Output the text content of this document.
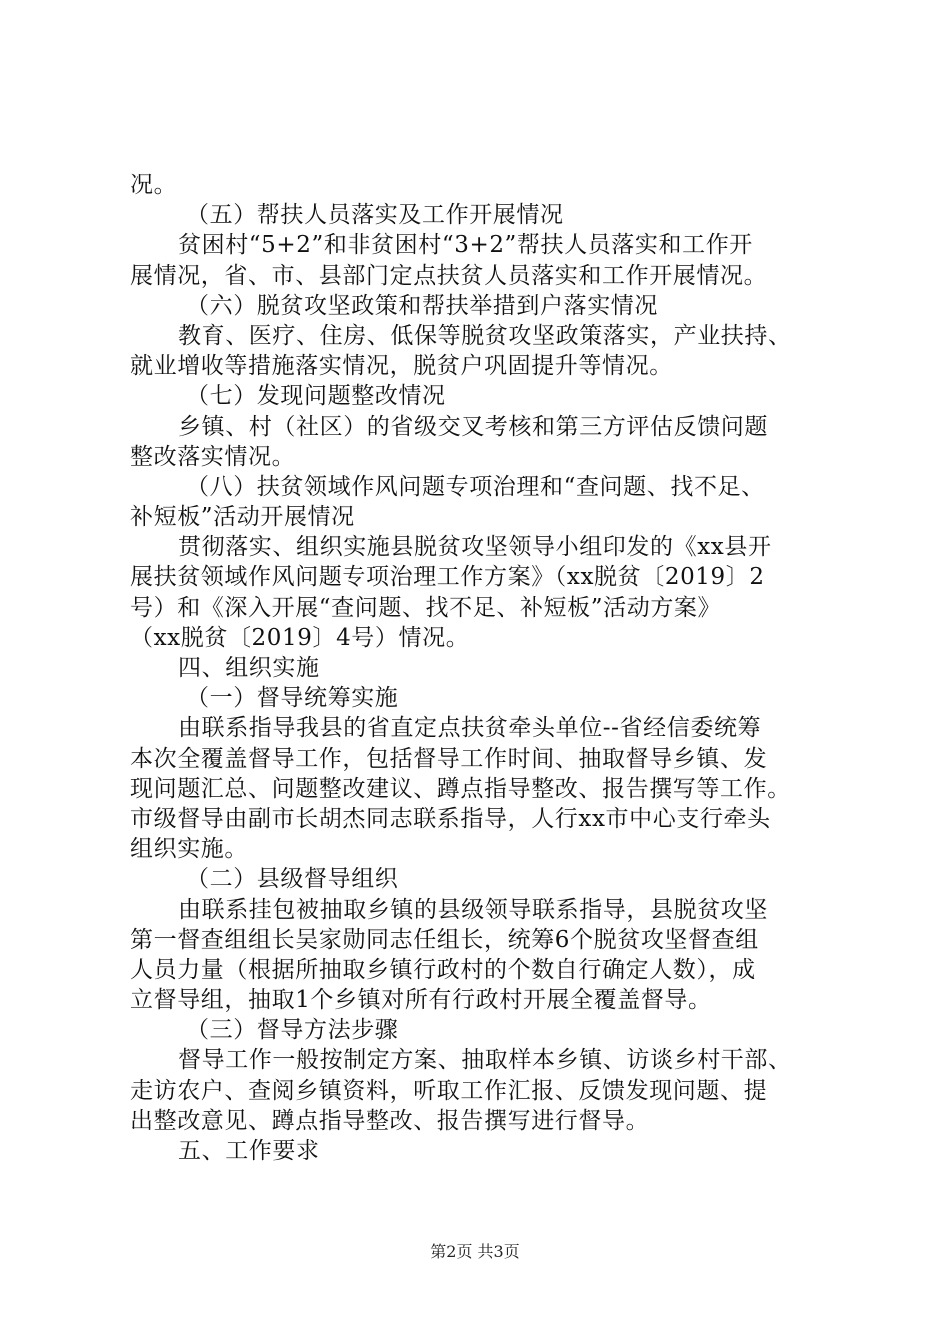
况。
（五）帮扶人员落实及工作开展情况
贫困村“5+2”和非贫困村“3+2”帮扶人员落实和工作开
展情况，省、市、县部门定点扶贫人员落实和工作开展情况。
（六）脱贫攻坚政策和帮扶举措到户落实情况
教育、医疗、住房、低保等脱贫攻坚政策落实，产业扶持、
就业增收等措施落实情况，脱贫户巩固提升等情况。
（七）发现问题整改情况
乡镇、村（社区）的省级交叉考核和第三方评估反馈问题
整改落实情况。
（八）扶贫领域作风问题专项治理和“查问题、找不足、
补短板”活动开展情况
贯彻落实、组织实施县脱贫攻坚领导小组印发的《xx县开
展扶贫领域作风问题专项治理工作方案》（xx脱贫〔2019〕2
号）和《深入开展“查问题、找不足、补短板”活动方案》
（xx脱贫〔2019〕4号）情况。
四、组织实施
（一）督导统筹实施
由联系指导我县的省直定点扶贫牵头单位--省经信委统筹
本次全覆盖督导工作，包括督导工作时间、抽取督导乡镇、发
现问题汇总、问题整改建议、蹲点指导整改、报告撰写等工作。
市级督导由副市长胡杰同志联系指导，人行xx市中心支行牵头
组织实施。
（二）县级督导组织
由联系挂包被抽取乡镇的县级领导联系指导，县脱贫攻坚
第一督查组组长吴家勋同志任组长，统筹6个脱贫攻坚督查组
人员力量（根据所抽取乡镇行政村的个数自行确定人数），成
立督导组，抽取1个乡镇对所有行政村开展全覆盖督导。
（三）督导方法步骤
督导工作一般按制定方案、抽取样本乡镇、访谈乡村干部、
走访农户、查阅乡镇资料，听取工作汇报、反馈发现问题、提
出整改意见、蹲点指导整改、报告撰写进行督导。
五、工作要求
第2页 共3页
